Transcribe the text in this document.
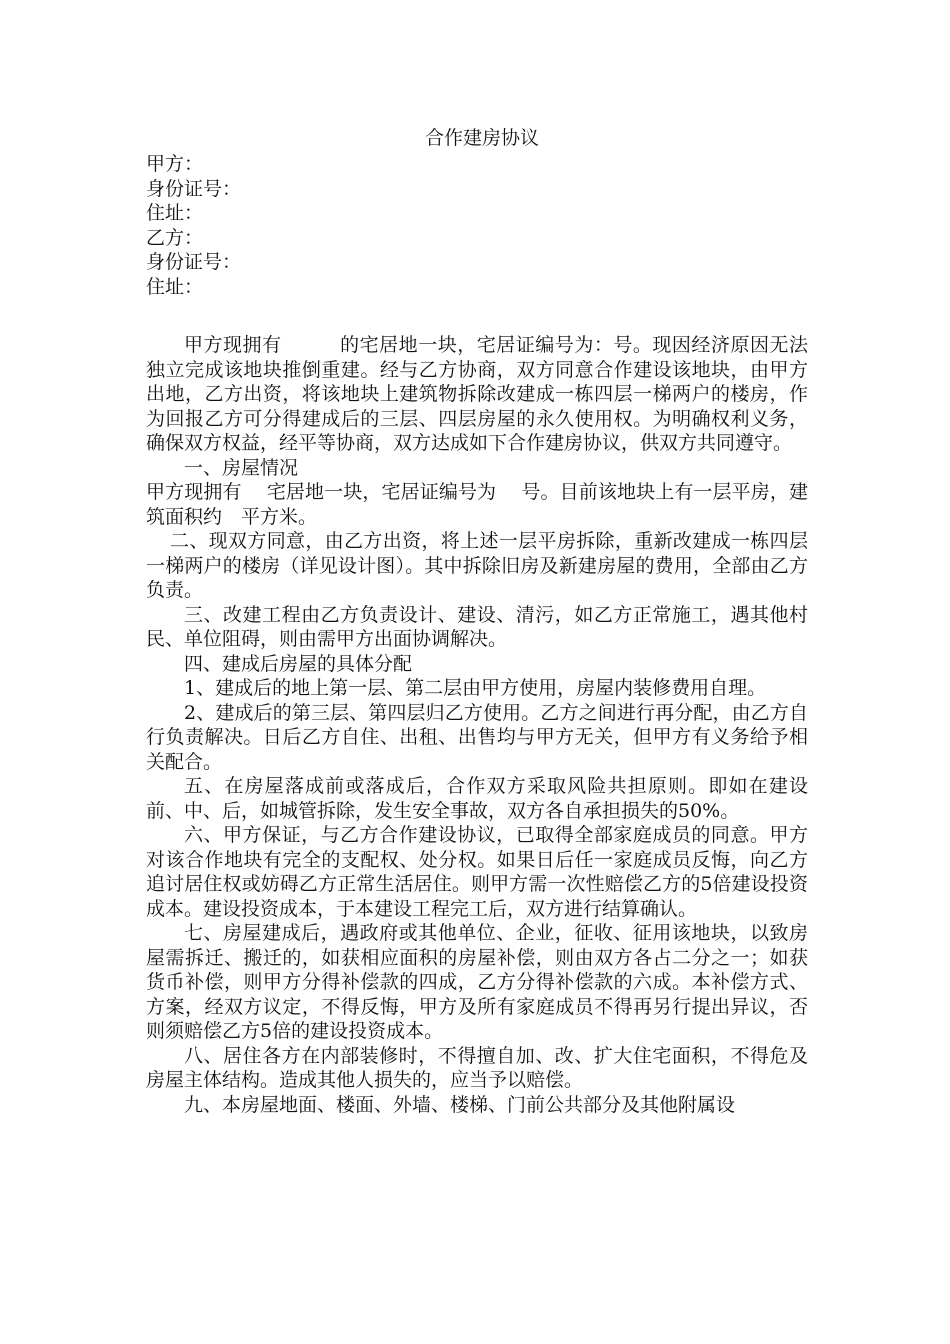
合作建房协议

甲方：

身份证号：

住址：

乙方：

身份证号：

住址：

甲方现拥有　　　的宅居地一块，宅居证编号为：号。现因经济原因无法独立完成该地块推倒重建。经与乙方协商，双方同意合作建设该地块，由甲方出地，乙方出资，将该地块上建筑物拆除改建成一栋四层一梯两户的楼房，作为回报乙方可分得建成后的三层、四层房屋的永久使用权。为明确权利义务，确保双方权益，经平等协商，双方达成如下合作建房协议，供双方共同遵守。

一、房屋情况

甲方现拥有　 宅居地一块，宅居证编号为　 号。目前该地块上有一层平房，建筑面积约　平方米。

二、现双方同意，由乙方出资，将上述一层平房拆除，重新改建成一栋四层一梯两户的楼房（详见设计图）。其中拆除旧房及新建房屋的费用，全部由乙方负责。

三、改建工程由乙方负责设计、建设、清污，如乙方正常施工，遇其他村民、单位阻碍，则由需甲方出面协调解决。

四、建成后房屋的具体分配

1、建成后的地上第一层、第二层由甲方使用，房屋内装修费用自理。

2、建成后的第三层、第四层归乙方使用。乙方之间进行再分配，由乙方自行负责解决。日后乙方自住、出租、出售均与甲方无关，但甲方有义务给予相关配合。

五、在房屋落成前或落成后，合作双方采取风险共担原则。即如在建设前、中、后，如城管拆除，发生安全事故，双方各自承担损失的50%。

六、甲方保证，与乙方合作建设协议，已取得全部家庭成员的同意。甲方对该合作地块有完全的支配权、处分权。如果日后任一家庭成员反悔，向乙方追讨居住权或妨碍乙方正常生活居住。则甲方需一次性赔偿乙方的5倍建设投资成本。建设投资成本，于本建设工程完工后，双方进行结算确认。

七、房屋建成后，遇政府或其他单位、企业，征收、征用该地块，以致房屋需拆迁、搬迁的，如获相应面积的房屋补偿，则由双方各占二分之一；如获货币补偿，则甲方分得补偿款的四成，乙方分得补偿款的六成。本补偿方式、方案，经双方议定，不得反悔，甲方及所有家庭成员不得再另行提出异议，否则须赔偿乙方5倍的建设投资成本。

八、居住各方在内部装修时，不得擅自加、改、扩大住宅面积，不得危及房屋主体结构。造成其他人损失的，应当予以赔偿。

九、本房屋地面、楼面、外墙、楼梯、门前公共部分及其他附属设
